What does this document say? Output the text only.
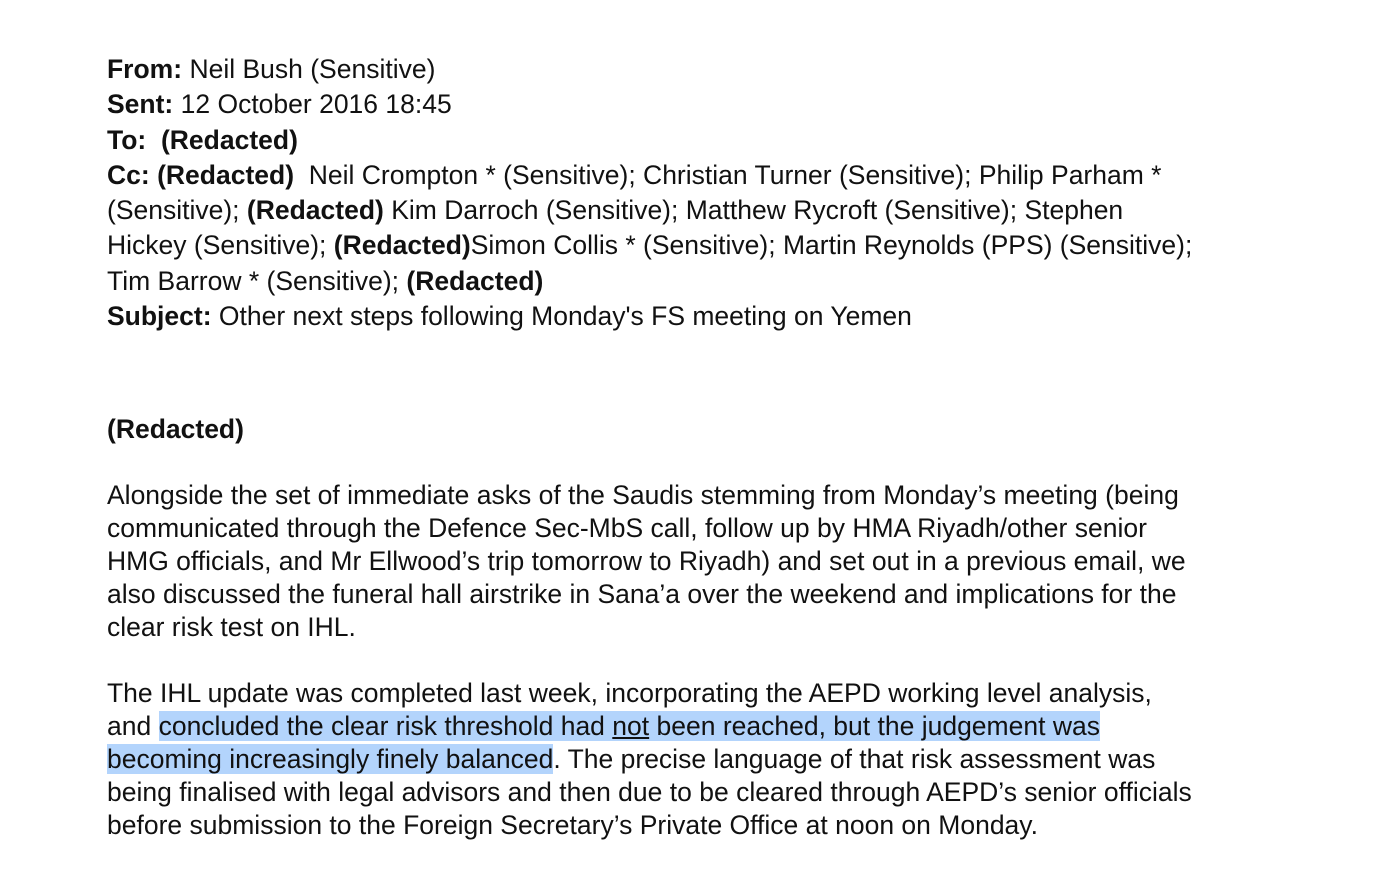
From: Neil Bush (Sensitive)
Sent: 12 October 2016 18:45
To: (Redacted)
Cc: (Redacted)  Neil Crompton * (Sensitive); Christian Turner (Sensitive); Philip Parham *
(Sensitive); (Redacted) Kim Darroch (Sensitive); Matthew Rycroft (Sensitive); Stephen
Hickey (Sensitive); (Redacted)Simon Collis * (Sensitive); Martin Reynolds (PPS) (Sensitive);
Tim Barrow * (Sensitive); (Redacted)
Subject: Other next steps following Monday's FS meeting on Yemen
(Redacted)
Alongside the set of immediate asks of the Saudis stemming from Monday’s meeting (being
communicated through the Defence Sec-MbS call, follow up by HMA Riyadh/other senior
HMG officials, and Mr Ellwood’s trip tomorrow to Riyadh) and set out in a previous email, we
also discussed the funeral hall airstrike in Sana’a over the weekend and implications for the
clear risk test on IHL.
The IHL update was completed last week, incorporating the AEPD working level analysis,
and concluded the clear risk threshold had not been reached, but the judgement was
becoming increasingly finely balanced. The precise language of that risk assessment was
being finalised with legal advisors and then due to be cleared through AEPD’s senior officials
before submission to the Foreign Secretary’s Private Office at noon on Monday.
